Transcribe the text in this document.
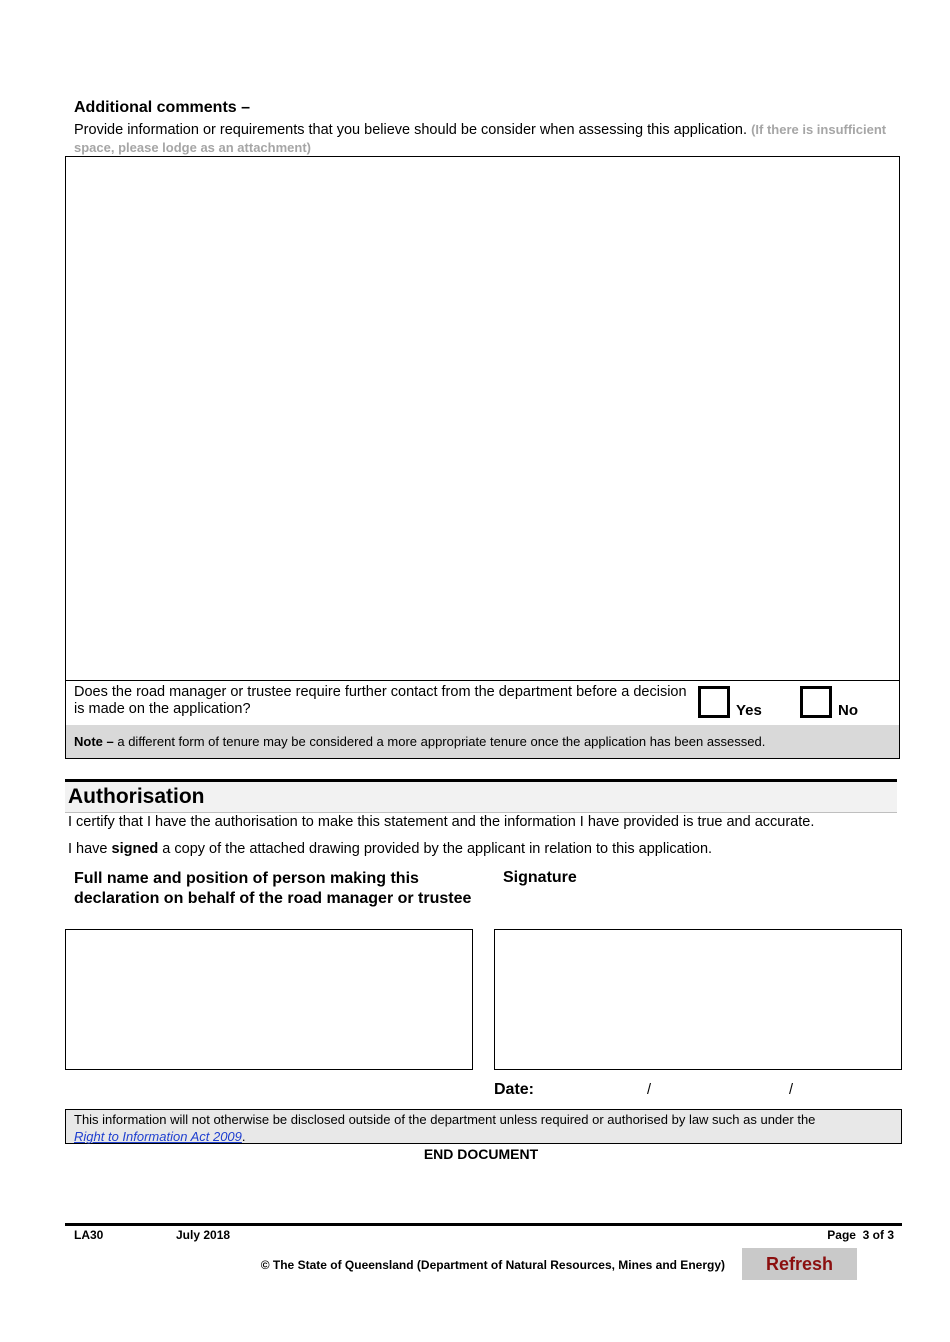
Additional comments –
Provide information or requirements that you believe should be consider when assessing this application. (If there is insufficient space, please lodge as an attachment)
Does the road manager or trustee require further contact from the department before a decision is made on the application?	Yes	No
Note – a different form of tenure may be considered a more appropriate tenure once the application has been assessed.
Authorisation
I certify that I have the authorisation to make this statement and the information I have provided is true and accurate.
I have signed a copy of the attached drawing provided by the applicant in relation to this application.
Full name and position of person making this declaration on behalf of the road manager or trustee
Signature
Date:	/	/
This information will not otherwise be disclosed outside of the department unless required or authorised by law such as under the
Right to Information Act 2009.
END DOCUMENT
LA30	July 2018	Page  3 of 3
© The State of Queensland (Department of Natural Resources, Mines and Energy)	Refresh
